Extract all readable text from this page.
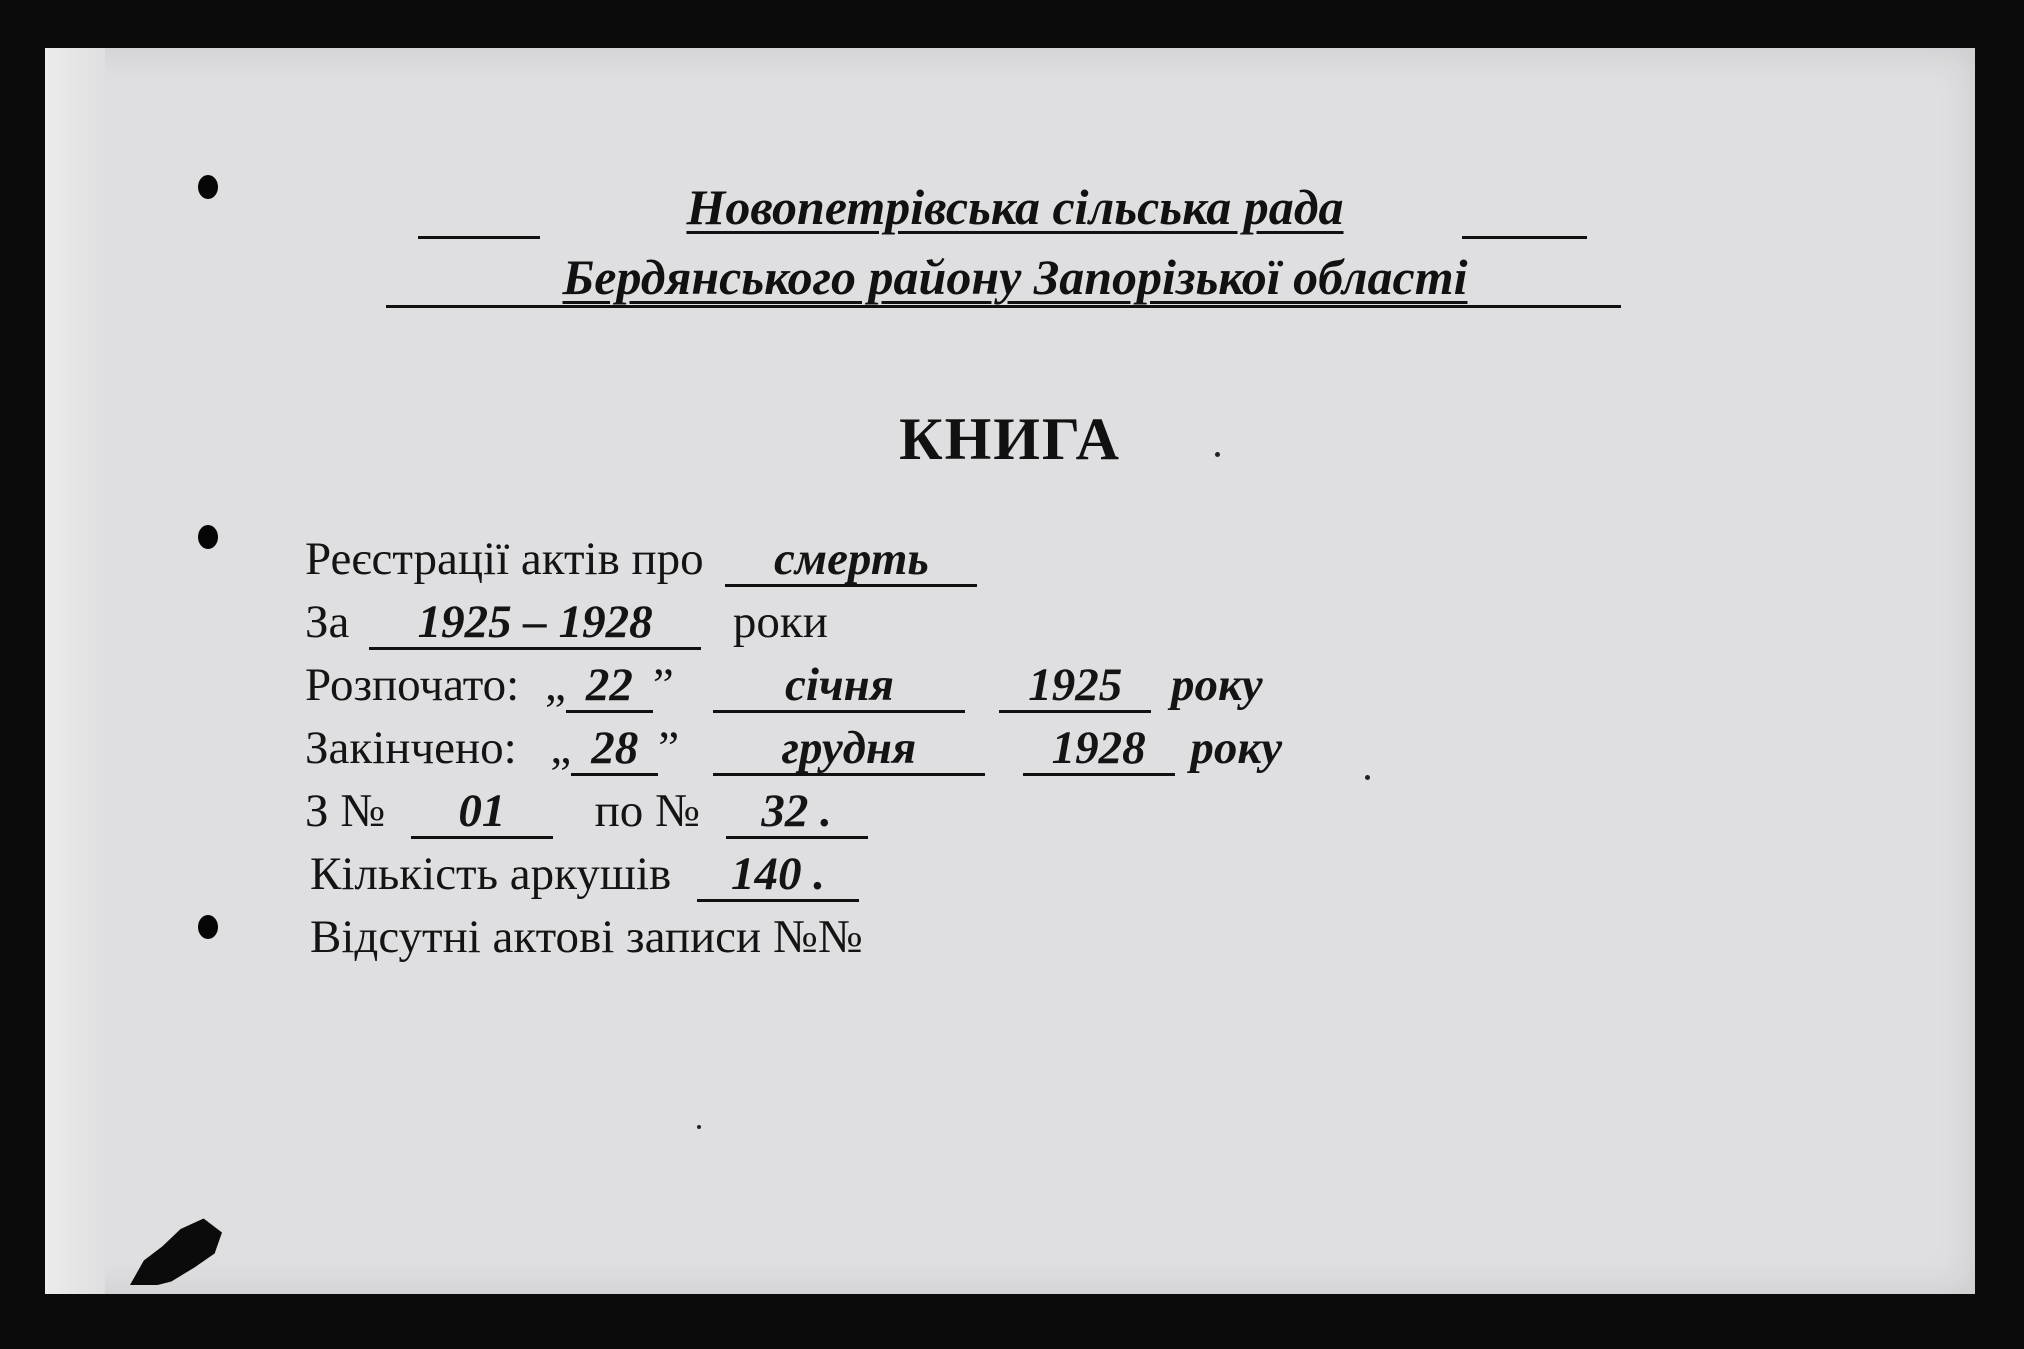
Новопетрівська сільська рада
Бердянського району Запорізької області
КНИГА
Реєстрації актів про смерть
За 1925 – 1928 роки
Розпочато: „ 22 ” січня	1925 року
Закінчено: „ 28 ” грудня	1928 року
З № 01 по № 32 .
Кількість аркушів 140 .
Відсутні актові записи №№
